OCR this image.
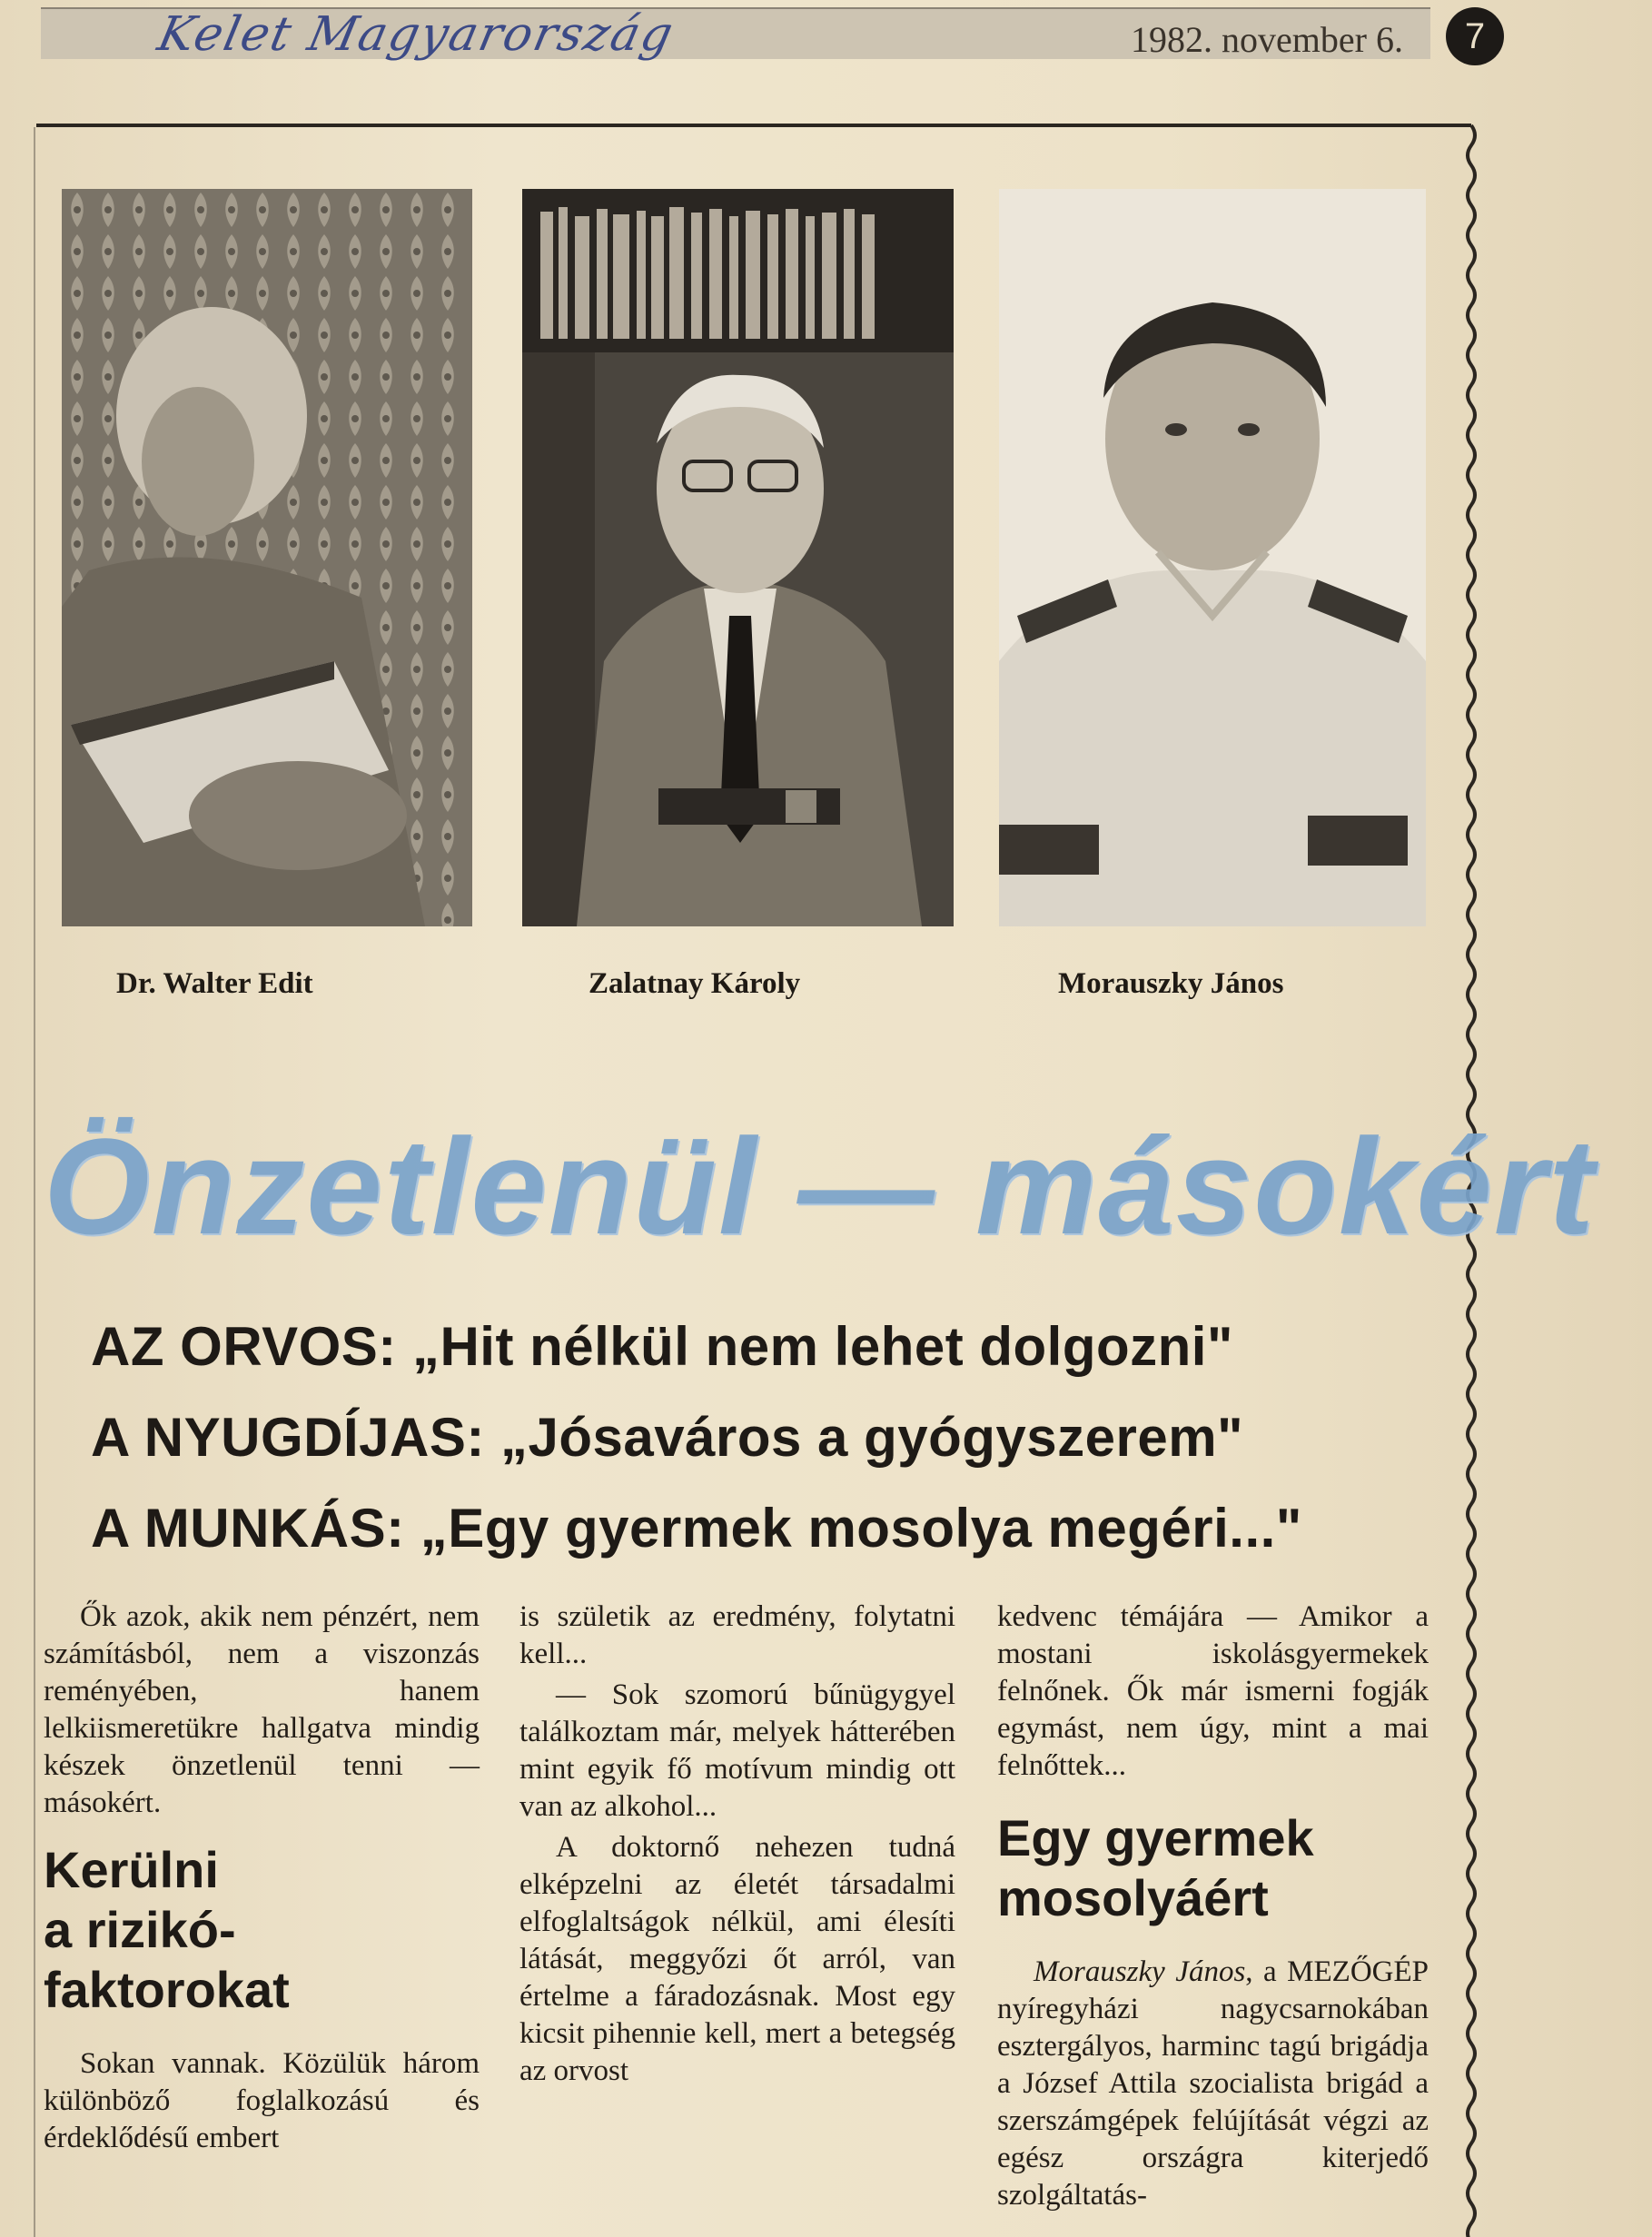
Kelet Magyarország	1982. november 6.	7
Dr. Walter Edit	Zalatnay Károly	Morauszky János
Önzetlenül — másokért
AZ ORVOS: „Hit nélkül nem lehet dolgozni"
A NYUGDÍJAS: „Jósaváros a gyógyszerem"
A MUNKÁS: „Egy gyermek mosolya megéri..."

Ők azok, akik nem pénzért, nem számításból, nem a viszonzás reményében, hanem lelkiismeretükre hallgatva mindig készek önzetlenül tenni — másokért.

Kerülni
a rizikó-
faktorokat

Sokan vannak. Közülük három különböző foglalkozású és érdeklődésű embert

is születik az eredmény, folytatni kell...

— Sok szomorú bűnügygyel találkoztam már, melyek hátterében mint egyik fő motívum mindig ott van az alkohol...

A doktornő nehezen tudná elképzelni az életét társadalmi elfoglaltságok nélkül, ami élesíti látását, meggyőzi őt arról, van értelme a fáradozásnak. Most egy kicsit pihennie kell, mert a betegség az orvost

kedvenc témájára — Amikor a mostani iskolásgyermekek felnőnek. Ők már ismerni fogják egymást, nem úgy, mint a mai felnőttek...

Egy gyermek
mosolyáért

Morauszky János, a MEZŐGÉP nyíregyházi nagycsarnokában esztergályos, harminc tagú brigádja a József Attila szocialista brigád a szerszámgépek felújítását végzi az egész országra kiterjedő szolgáltatás-
